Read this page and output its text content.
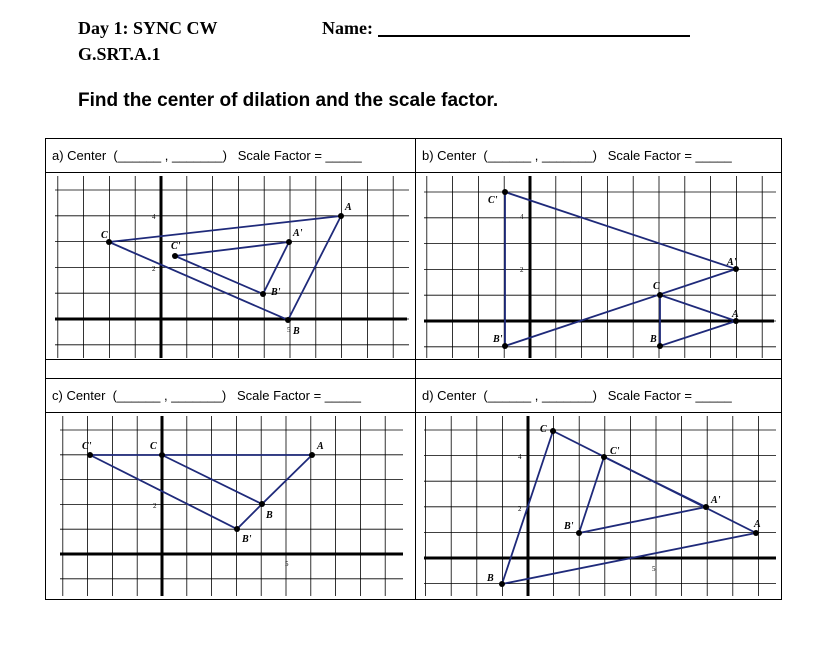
Day 1: SYNC CW	Name:
G.SRT.A.1
Find the center of dilation and the scale factor.
a) Center  (______ , _______)   Scale Factor = _____	b) Center  (______ , _______)   Scale Factor = _____
c) Center  (______ , _______)   Scale Factor = _____	d) Center  (______ , _______)   Scale Factor = _____
5
2
4
A
B
C	A'
B'
C'
2
4
A'
B'
C'
A
B
C
5
2
A
B
C
B'
C'
5
2
4
A
B
C
A'
B'
C'
